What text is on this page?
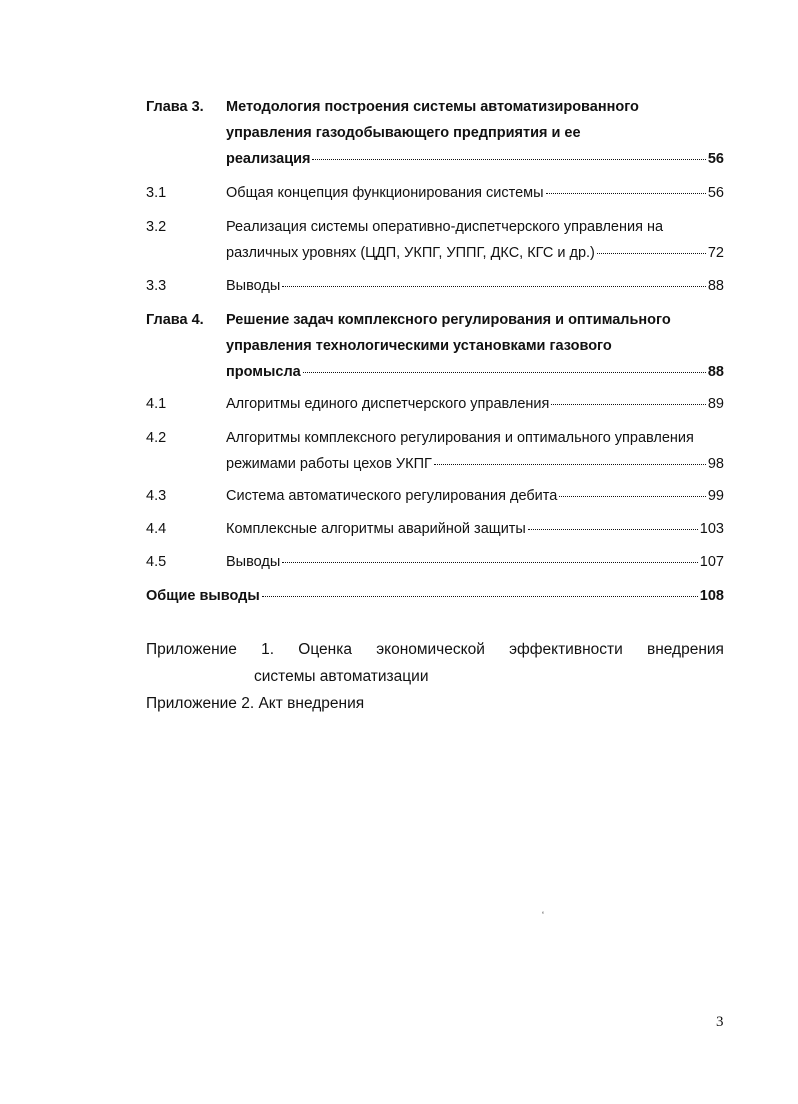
Глава 3. Методология построения системы автоматизированного
управления газодобывающего предприятия и ее
реализация	56
3.1	Общая концепция функционирования системы	56
3.2	Реализация системы оперативно-диспетчерского управления на
различных уровнях (ЦДП, УКПГ, УППГ, ДКС, КГС и др.)	72
3.3	Выводы	88
Глава 4. Решение задач комплексного регулирования и оптимального
управления технологическими установками газового
промысла	88
4.1	Алгоритмы единого диспетчерского управления	89
4.2	Алгоритмы комплексного регулирования и оптимального управления
режимами работы цехов УКПГ	98
4.3	Система автоматического регулирования дебита	99
4.4	Комплексные алгоритмы аварийной защиты	103
4.5	Выводы	107
Общие выводы	108
Приложение 1. Оценка экономической эффективности внедрения
системы автоматизации
Приложение 2. Акт внедрения
ʻ
3
